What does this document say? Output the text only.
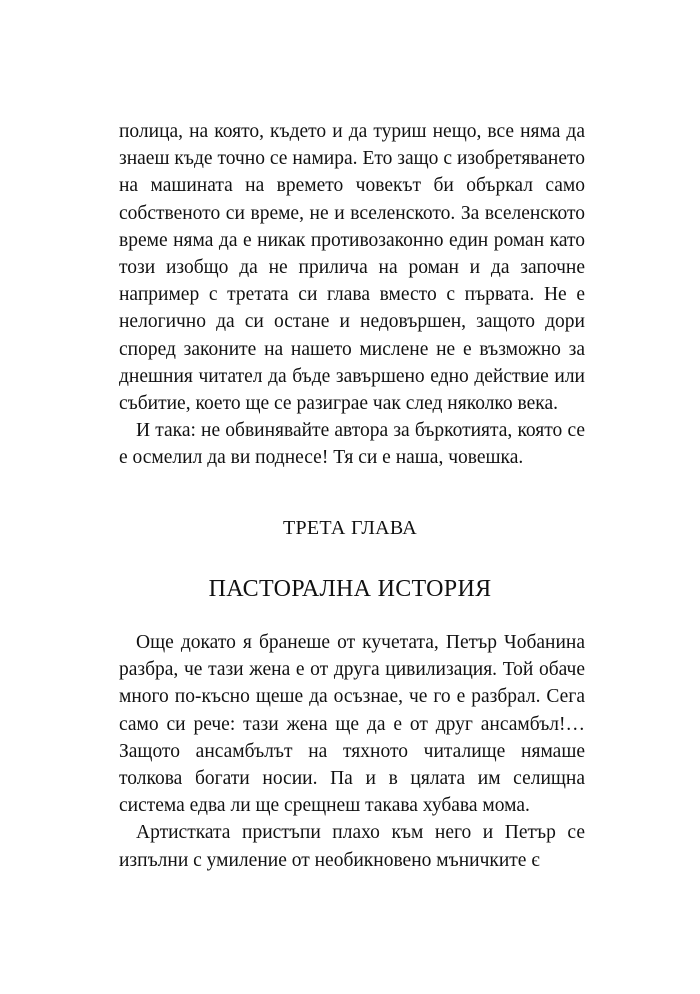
полица, на която, където и да туриш нещо, все няма да знаеш къде точно се намира. Ето защо с изобретяването на машината на времето човекът би объркал само собственото си време, не и вселенското. За вселенското време няма да е никак противозаконно един роман като този изобщо да не прилича на роман и да започне например с третата си глава вместо с първата. Не е нелогично да си остане и недовършен, защото дори според законите на нашето мислене не е възможно за днешния читател да бъде завършено едно действие или събитие, което ще се разиграе чак след няколко века.

И така: не обвинявайте автора за бъркотията, която се е осмелил да ви поднесе! Тя си е наша, човешка.

ТРЕТА ГЛАВА
ПАСТОРАЛНА ИСТОРИЯ

Още докато я бранеше от кучетата, Петър Чобанина разбра, че тази жена е от друга цивилизация. Той обаче много по-късно щеше да осъзнае, че го е разбрал. Сега само си рече: тази жена ще да е от друг ансамбъл!… Защото ансамбълът на тяхното читалище нямаше толкова богати носии. Па и в цялата им селищна система едва ли ще срещнеш такава хубава мома.

Артистката пристъпи плахо към него и Петър се изпълни с умиление от необикновено мъничките є
